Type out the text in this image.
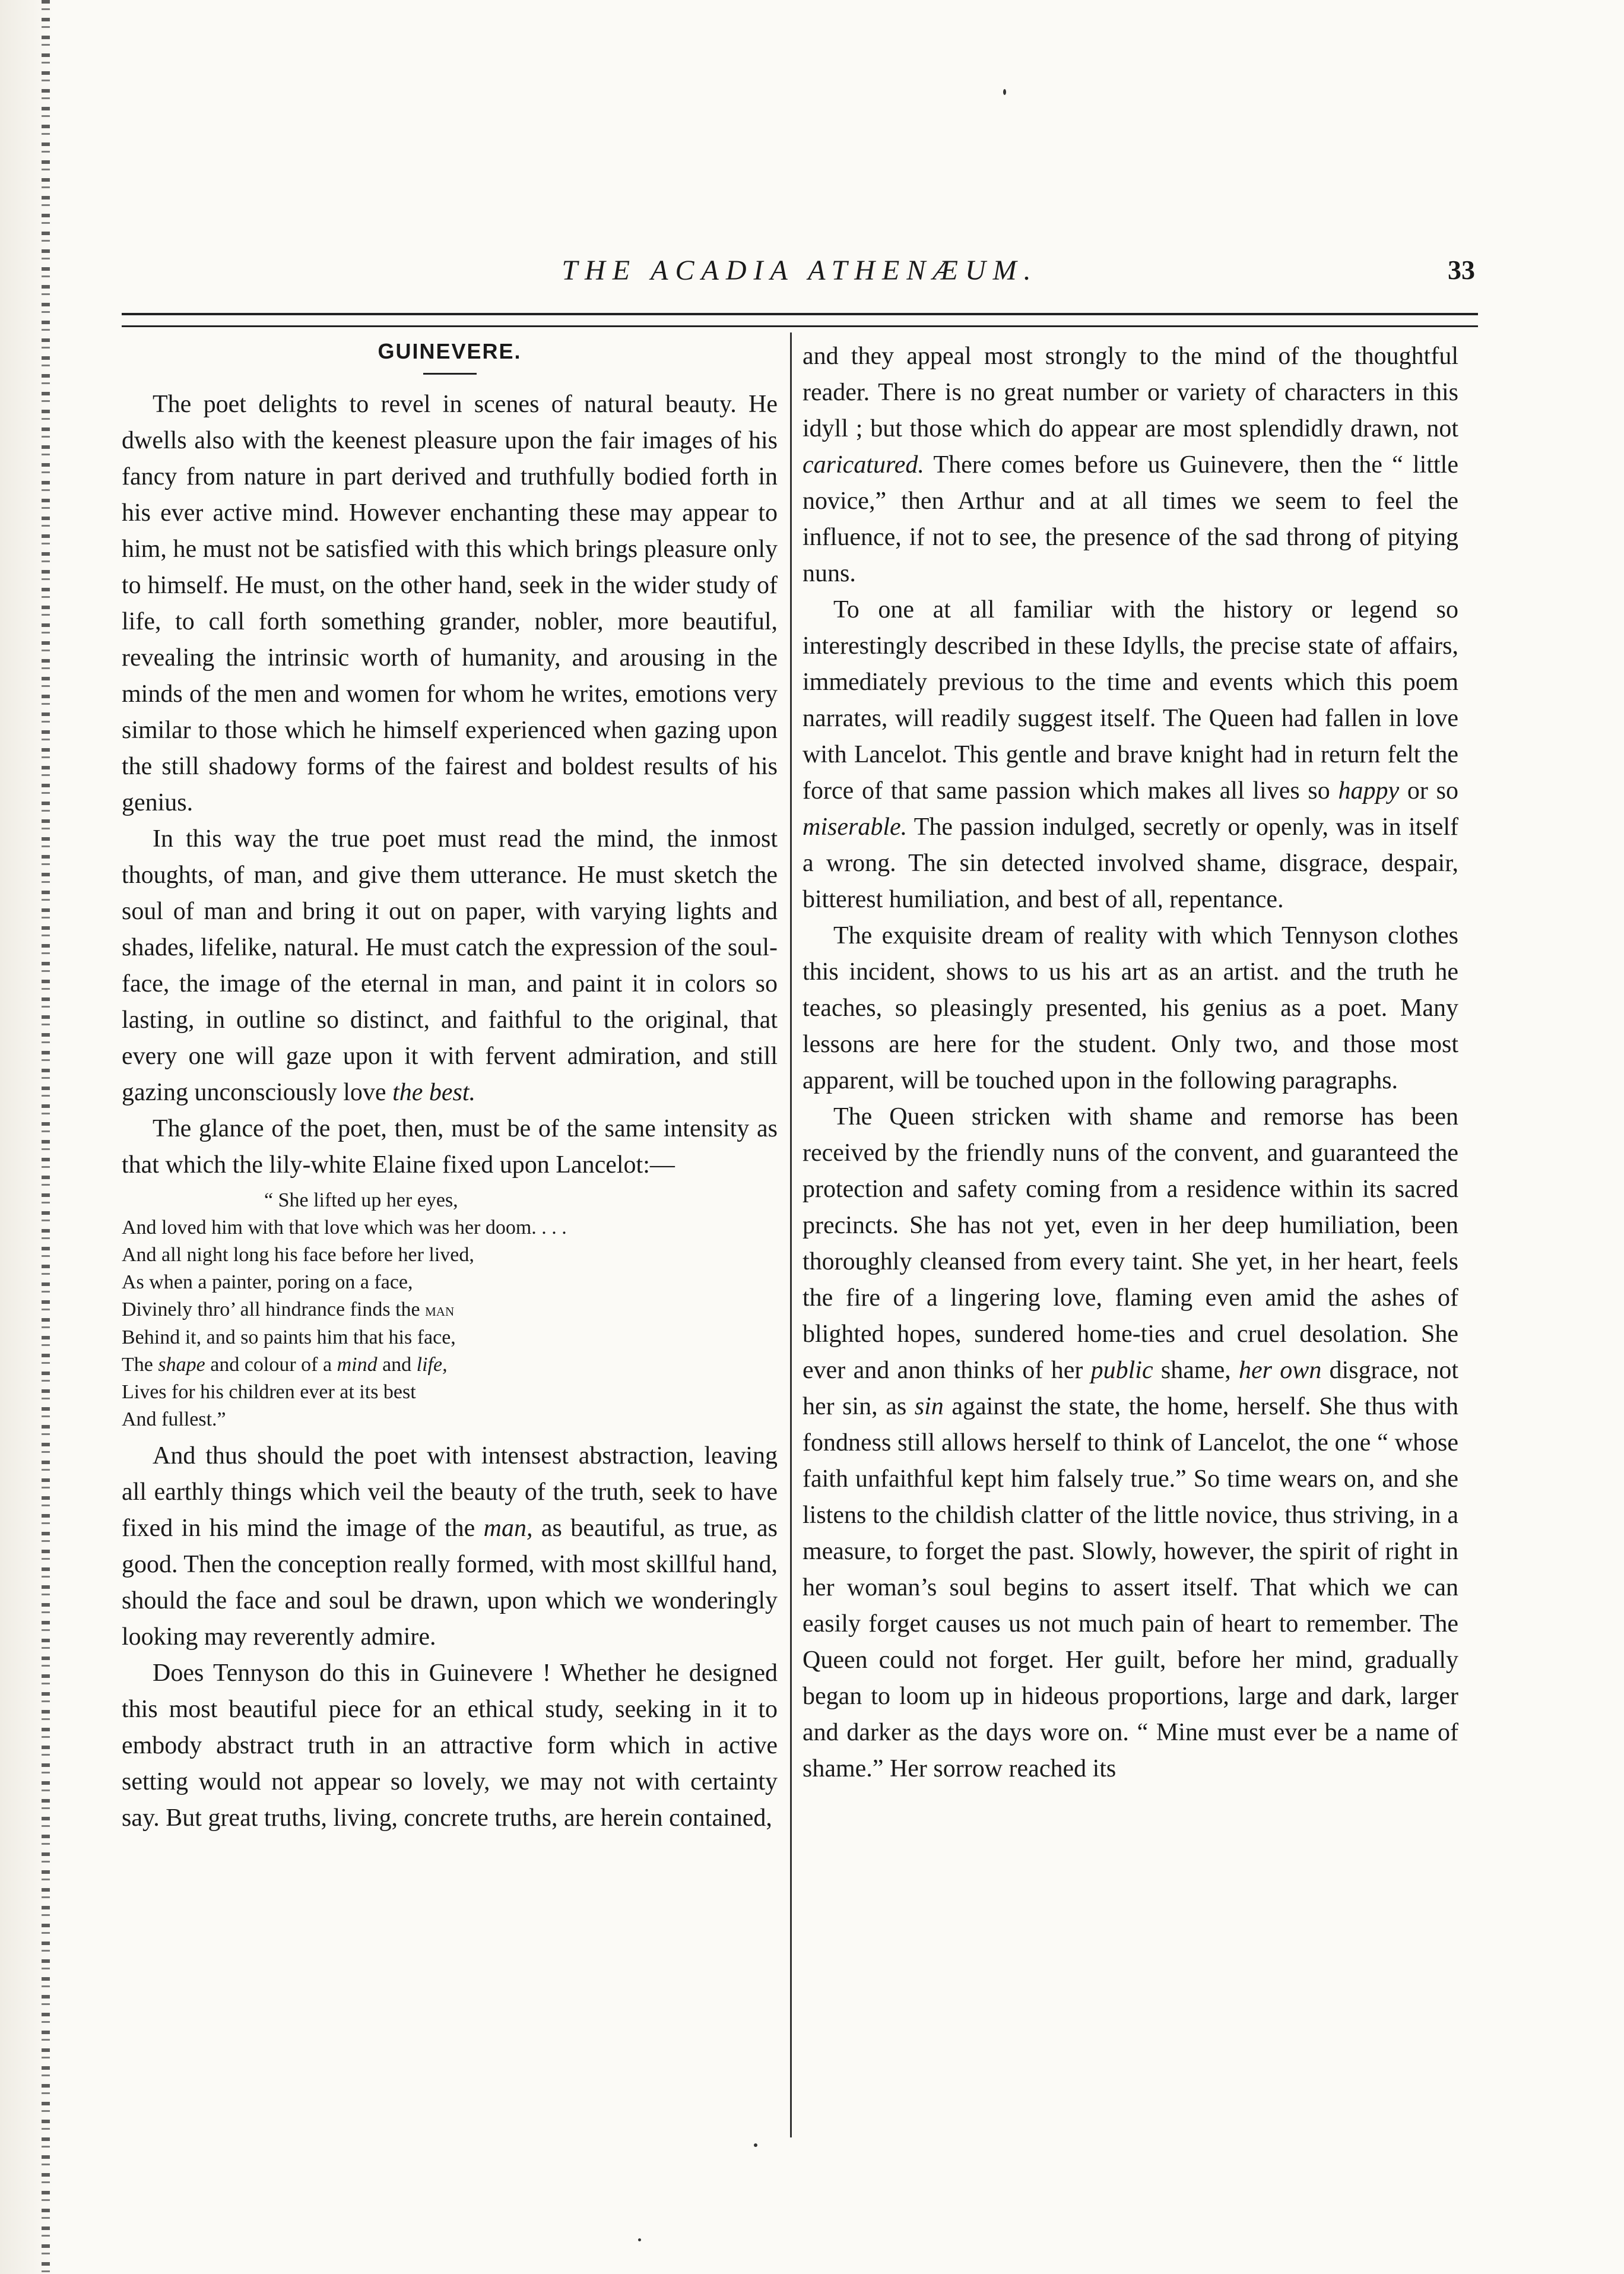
THE ACADIA ATHENÆUM.	33
GUINEVERE.

The poet delights to revel in scenes of natural beauty. He dwells also with the keenest pleasure upon the fair images of his fancy from nature in part derived and truthfully bodied forth in his ever active mind. However enchanting these may appear to him, he must not be satisfied with this which brings pleasure only to himself. He must, on the other hand, seek in the wider study of life, to call forth something grander, nobler, more beautiful, revealing the intrinsic worth of humanity, and arousing in the minds of the men and women for whom he writes, emotions very similar to those which he himself experienced when gazing upon the still shadowy forms of the fairest and boldest results of his genius.

In this way the true poet must read the mind, the inmost thoughts, of man, and give them utterance. He must sketch the soul of man and bring it out on paper, with varying lights and shades, lifelike, natural. He must catch the expression of the soul-face, the image of the eternal in man, and paint it in colors so lasting, in outline so distinct, and faithful to the original, that every one will gaze upon it with fervent admiration, and still gazing unconsciously love the best.

The glance of the poet, then, must be of the same intensity as that which the lily-white Elaine fixed upon Lancelot:—

“ She lifted up her eyes,
And loved him with that love which was her doom. . . .
And all night long his face before her lived,
As when a painter, poring on a face,
Divinely thro’ all hindrance finds the man
Behind it, and so paints him that his face,
The shape and colour of a mind and life,
Lives for his children ever at its best
And fullest.”

And thus should the poet with intensest abstraction, leaving all earthly things which veil the beauty of the truth, seek to have fixed in his mind the image of the man, as beautiful, as true, as good. Then the conception really formed, with most skillful hand, should the face and soul be drawn, upon which we wonderingly looking may reverently admire.

Does Tennyson do this in Guinevere ! Whether he designed this most beautiful piece for an ethical study, seeking in it to embody abstract truth in an attractive form which in active setting would not appear so lovely, we may not with certainty say. But great truths, living, concrete truths, are herein contained,

and they appeal most strongly to the mind of the thoughtful reader. There is no great number or variety of characters in this idyll ; but those which do appear are most splendidly drawn, not caricatured. There comes before us Guinevere, then the “ little novice,” then Arthur and at all times we seem to feel the influence, if not to see, the presence of the sad throng of pitying nuns.

To one at all familiar with the history or legend so interestingly described in these Idylls, the precise state of affairs, immediately previous to the time and events which this poem narrates, will readily suggest itself. The Queen had fallen in love with Lancelot. This gentle and brave knight had in return felt the force of that same passion which makes all lives so happy or so miserable. The passion indulged, secretly or openly, was in itself a wrong. The sin detected involved shame, disgrace, despair, bitterest humiliation, and best of all, repentance.

The exquisite dream of reality with which Tennyson clothes this incident, shows to us his art as an artist. and the truth he teaches, so pleasingly presented, his genius as a poet. Many lessons are here for the student. Only two, and those most apparent, will be touched upon in the following paragraphs.

The Queen stricken with shame and remorse has been received by the friendly nuns of the convent, and guaranteed the protection and safety coming from a residence within its sacred precincts. She has not yet, even in her deep humiliation, been thoroughly cleansed from every taint. She yet, in her heart, feels the fire of a lingering love, flaming even amid the ashes of blighted hopes, sundered home-ties and cruel desolation. She ever and anon thinks of her public shame, her own disgrace, not her sin, as sin against the state, the home, herself. She thus with fondness still allows herself to think of Lancelot, the one “ whose faith unfaithful kept him falsely true.” So time wears on, and she listens to the childish clatter of the little novice, thus striving, in a measure, to forget the past. Slowly, however, the spirit of right in her woman’s soul begins to assert itself. That which we can easily forget causes us not much pain of heart to remember. The Queen could not forget. Her guilt, before her mind, gradually began to loom up in hideous proportions, large and dark, larger and darker as the days wore on. “ Mine must ever be a name of shame.” Her sorrow reached its
